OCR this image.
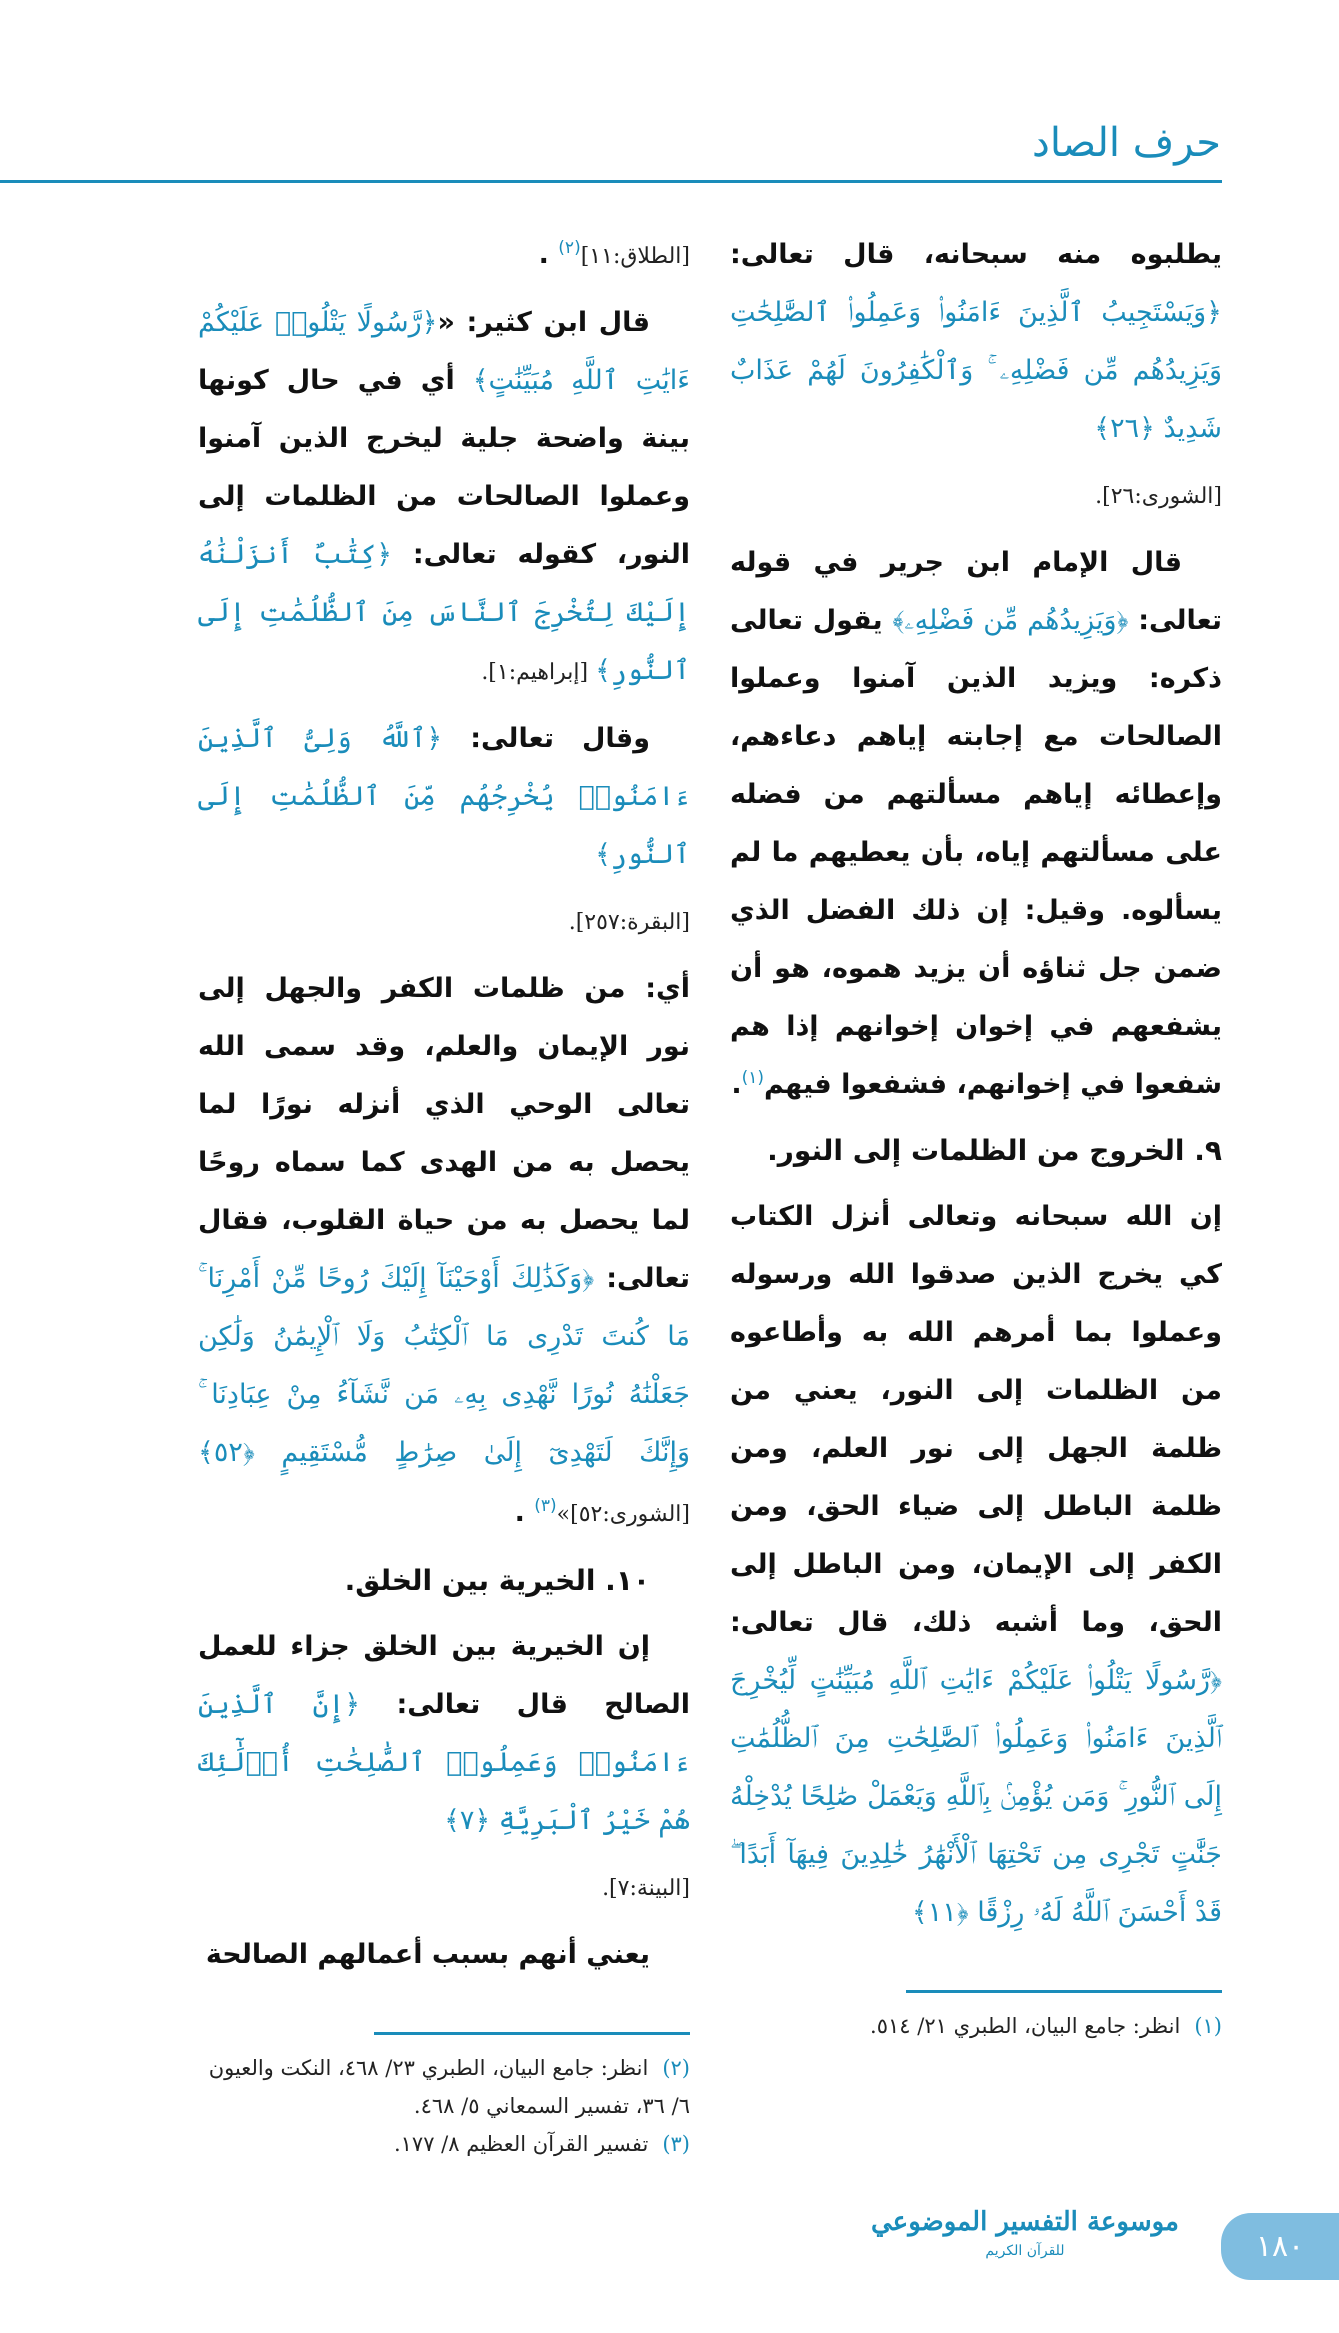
حرف الصاد

[الطلاق:١١]$^{(٢)}$ .

قال ابن كثير: «﴿رَّسُولًا يَتْلُوا۟ عَلَيْكُمْ ءَايَٰتِ ٱللَّهِ مُبَيِّنَٰتٍ﴾ أي في حال كونها بينة واضحة جلية ليخرج الذين آمنوا وعملوا الصالحات من الظلمات إلى النور، كقوله تعالى: ﴿كِتَٰبٌ أَنزَلْنَٰهُ إِلَيْكَ لِتُخْرِجَ ٱلنَّاسَ مِنَ ٱلظُّلُمَٰتِ إِلَى ٱلنُّورِ﴾ [إبراهيم:١].

وقال تعالى: ﴿ٱللَّهُ وَلِىُّ ٱلَّذِينَ ءَامَنُوا۟ يُخْرِجُهُم مِّنَ ٱلظُّلُمَٰتِ إِلَى ٱلنُّورِ﴾

[البقرة:٢٥٧].

أي: من ظلمات الكفر والجهل إلى نور الإيمان والعلم، وقد سمى الله تعالى الوحي الذي أنزله نورًا لما يحصل به من الهدى كما سماه روحًا لما يحصل به من حياة القلوب، فقال تعالى: ﴿وَكَذَٰلِكَ أَوْحَيْنَآ إِلَيْكَ رُوحًا مِّنْ أَمْرِنَا ۚ مَا كُنتَ تَدْرِى مَا ٱلْكِتَٰبُ وَلَا ٱلْإِيمَٰنُ وَلَٰكِن جَعَلْنَٰهُ نُورًا نَّهْدِى بِهِۦ مَن نَّشَآءُ مِنْ عِبَادِنَا ۚ وَإِنَّكَ لَتَهْدِىٓ إِلَىٰ صِرَٰطٍ مُّسْتَقِيمٍ ﴿٥٢﴾ [الشورى:٥٢]»$^{(٣)}$ .

١٠. الخيرية بين الخلق.

إن الخيرية بين الخلق جزاء للعمل الصالح قال تعالى: ﴿إِنَّ ٱلَّذِينَ ءَامَنُوا۟ وَعَمِلُوا۟ ٱلصَّٰلِحَٰتِ أُو۟لَٰٓئِكَ هُمْ خَيْرُ ٱلْبَرِيَّةِ ﴿٧﴾

[البينة:٧].

يعني أنهم بسبب أعمالهم الصالحة

(٢)انظر: جامع البيان، الطبري ٢٣/ ٤٦٨، النكت والعيون ٦/ ٣٦، تفسير السمعاني ٥/ ٤٦٨.
(٣)تفسير القرآن العظيم ٨/ ١٧٧.

يطلبوه منه سبحانه، قال تعالى: ﴿وَيَسْتَجِيبُ ٱلَّذِينَ ءَامَنُوا۟ وَعَمِلُوا۟ ٱلصَّٰلِحَٰتِ وَيَزِيدُهُم مِّن فَضْلِهِۦ ۚ وَٱلْكَٰفِرُونَ لَهُمْ عَذَابٌ شَدِيدٌ ﴿٢٦﴾

[الشورى:٢٦].

قال الإمام ابن جرير في قوله تعالى: ﴿وَيَزِيدُهُم مِّن فَضْلِهِۦ﴾ يقول تعالى ذكره: ويزيد الذين آمنوا وعملوا الصالحات مع إجابته إياهم دعاءهم، وإعطائه إياهم مسألتهم من فضله على مسألتهم إياه، بأن يعطيهم ما لم يسألوه. وقيل: إن ذلك الفضل الذي ضمن جل ثناؤه أن يزيد هموه، هو أن يشفعهم في إخوان إخوانهم إذا هم شفعوا في إخوانهم، فشفعوا فيهم$^{(١)}$.

٩. الخروج من الظلمات إلى النور.

إن الله سبحانه وتعالى أنزل الكتاب كي يخرج الذين صدقوا الله ورسوله وعملوا بما أمرهم الله به وأطاعوه من الظلمات إلى النور، يعني من ظلمة الجهل إلى نور العلم، ومن ظلمة الباطل إلى ضياء الحق، ومن الكفر إلى الإيمان، ومن الباطل إلى الحق، وما أشبه ذلك، قال تعالى: ﴿رَّسُولًا يَتْلُوا۟ عَلَيْكُمْ ءَايَٰتِ ٱللَّهِ مُبَيِّنَٰتٍ لِّيُخْرِجَ ٱلَّذِينَ ءَامَنُوا۟ وَعَمِلُوا۟ ٱلصَّٰلِحَٰتِ مِنَ ٱلظُّلُمَٰتِ إِلَى ٱلنُّورِ ۚ وَمَن يُؤْمِنۢ بِٱللَّهِ وَيَعْمَلْ صَٰلِحًا يُدْخِلْهُ جَنَّٰتٍ تَجْرِى مِن تَحْتِهَا ٱلْأَنْهَٰرُ خَٰلِدِينَ فِيهَآ أَبَدًا ۖ قَدْ أَحْسَنَ ٱللَّهُ لَهُۥ رِزْقًا ﴿١١﴾

(١)انظر: جامع البيان، الطبري ٢١/ ٥١٤.
موسوعة التفسير الموضوعي
للقرآن الكريم	١٨٠
